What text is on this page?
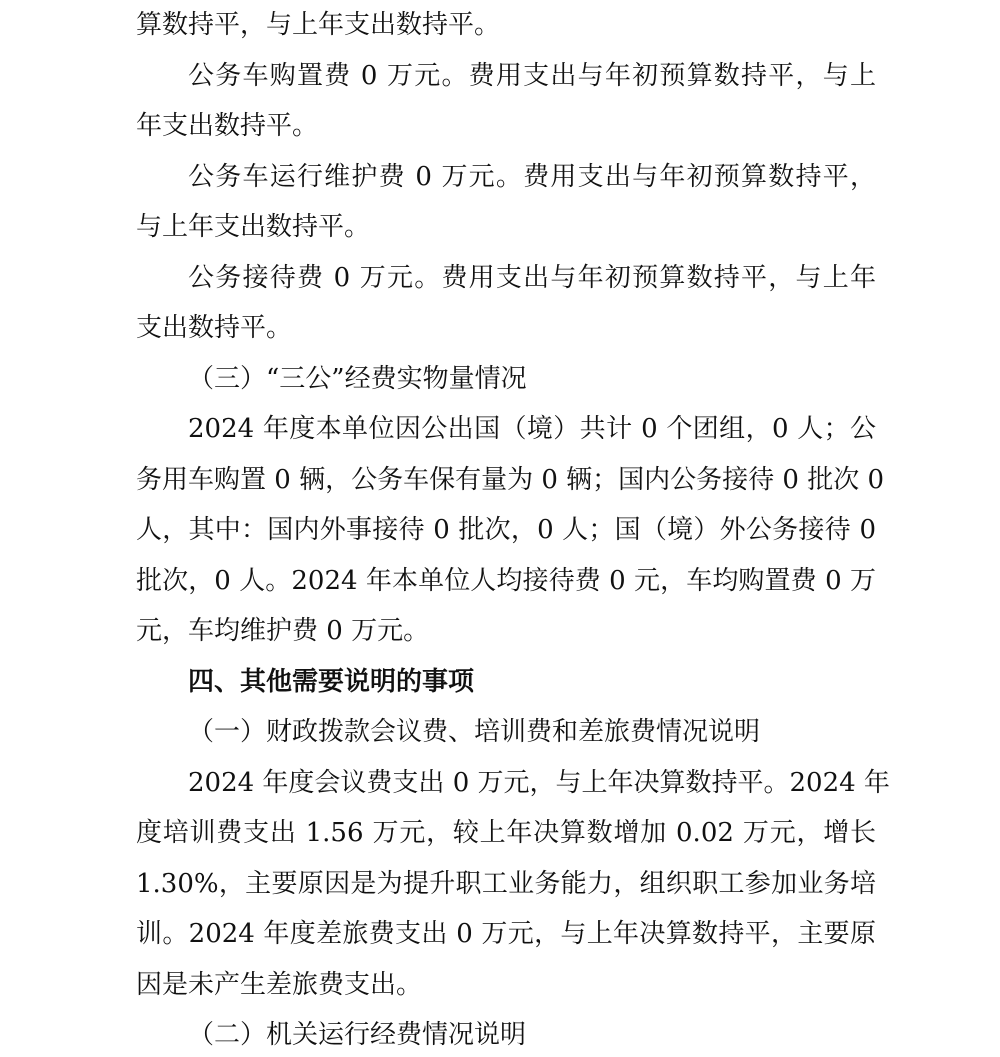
算数持平，与上年支出数持平。
公务车购置费 0 万元。费用支出与年初预算数持平，与上
年支出数持平。
公务车运行维护费 0 万元。费用支出与年初预算数持平，
与上年支出数持平。
公务接待费 0 万元。费用支出与年初预算数持平，与上年
支出数持平。
（三）“三公”经费实物量情况
2024 年度本单位因公出国（境）共计 0 个团组，0 人；公
务用车购置 0 辆，公务车保有量为 0 辆；国内公务接待 0 批次 0
人，其中：国内外事接待 0 批次，0 人；国（境）外公务接待 0
批次，0 人。2024 年本单位人均接待费 0 元，车均购置费 0 万
元，车均维护费 0 万元。
四、其他需要说明的事项
（一）财政拨款会议费、培训费和差旅费情况说明
2024 年度会议费支出 0 万元，与上年决算数持平。2024 年
度培训费支出 1.56 万元，较上年决算数增加 0.02 万元，增长
1.30%，主要原因是为提升职工业务能力，组织职工参加业务培
训。2024 年度差旅费支出 0 万元，与上年决算数持平，主要原
因是未产生差旅费支出。
（二）机关运行经费情况说明
